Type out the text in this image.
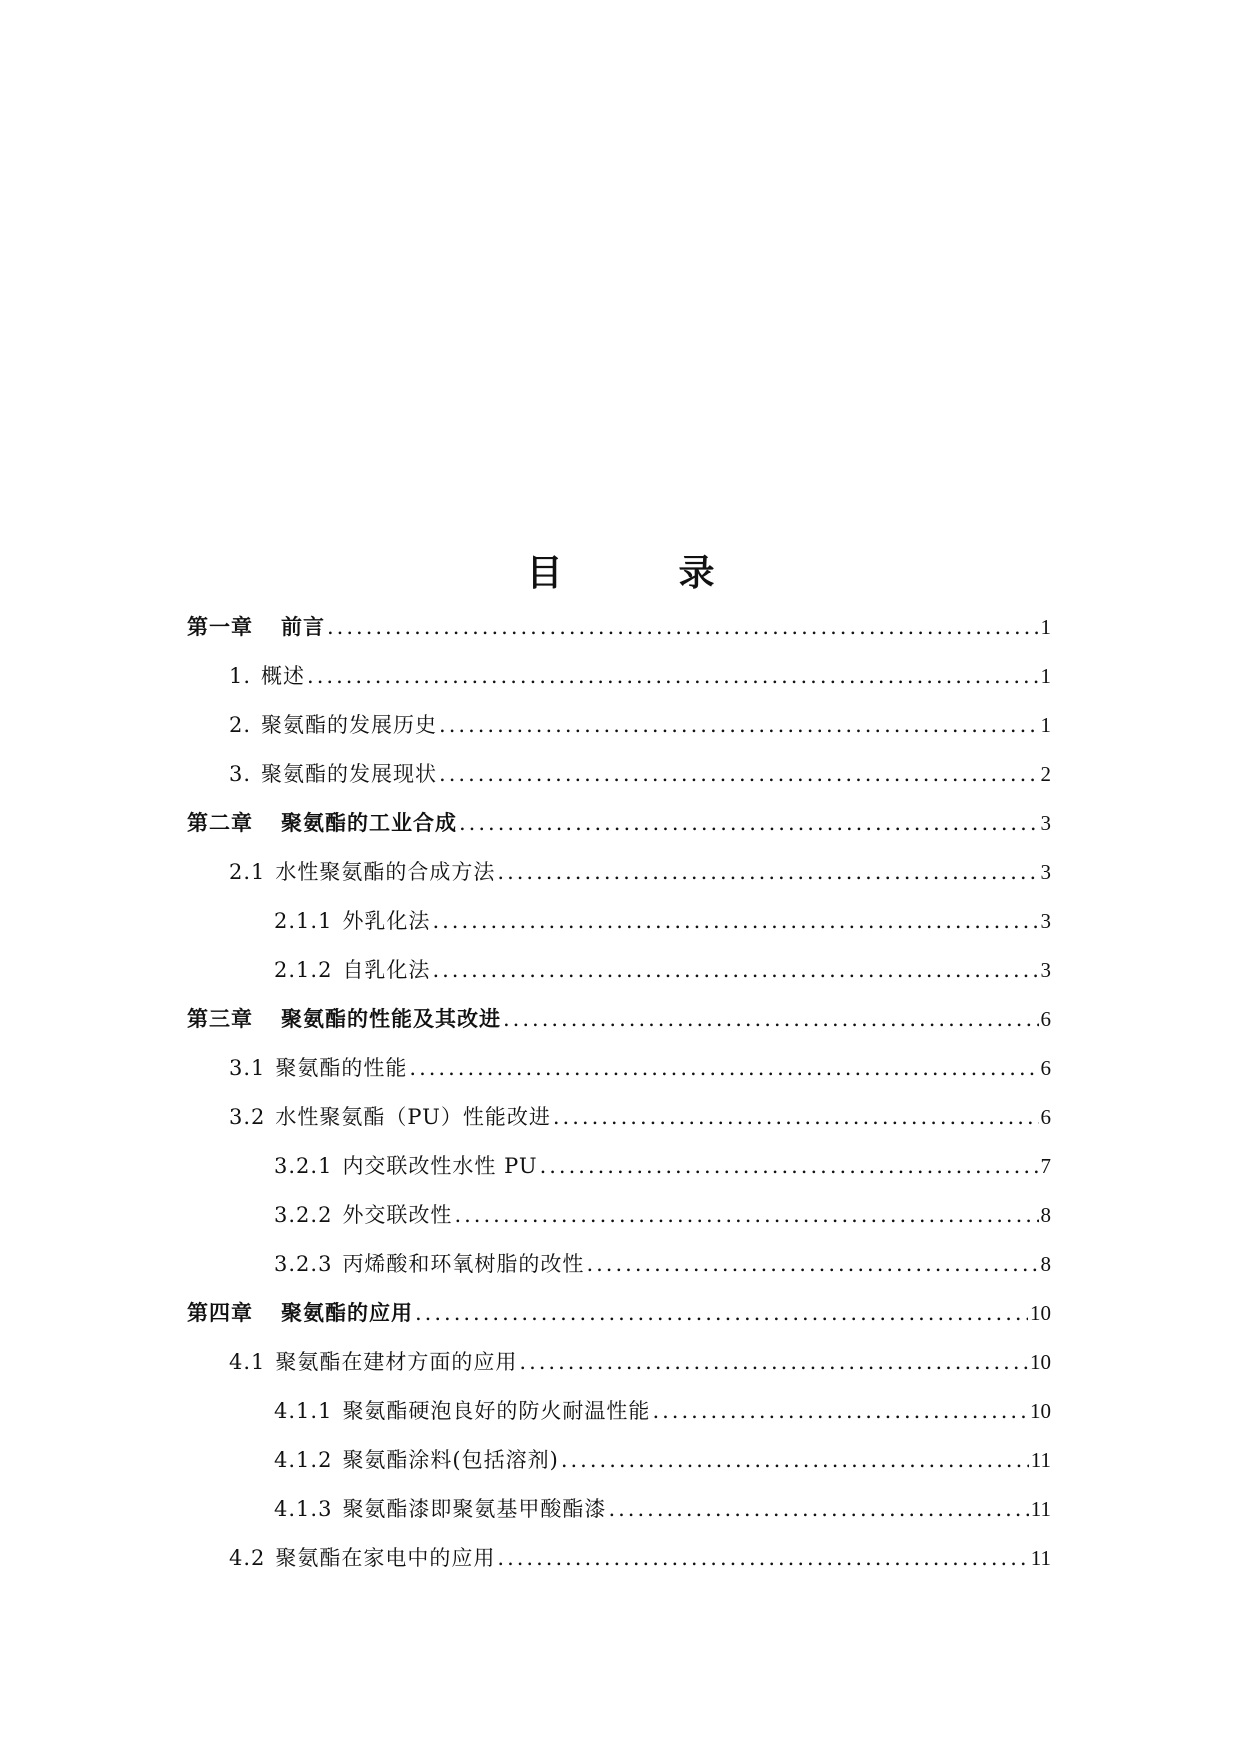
目　录
第一章 前言 .....	1
1. 概述 .....	1
2. 聚氨酯的发展历史 .....	1
3. 聚氨酯的发展现状 .....	2
第二章 聚氨酯的工业合成 .....	3
2.1 水性聚氨酯的合成方法 .....	3
2.1.1 外乳化法 .....	3
2.1.2 自乳化法 .....	3
第三章 聚氨酯的性能及其改进 .....	6
3.1 聚氨酯的性能 .....	6
3.2 水性聚氨酯（PU）性能改进 .....	6
3.2.1 内交联改性水性 PU .....	7
3.2.2 外交联改性 .....	8
3.2.3 丙烯酸和环氧树脂的改性 .....	8
第四章 聚氨酯的应用 .....	10
4.1 聚氨酯在建材方面的应用 .....	10
4.1.1 聚氨酯硬泡良好的防火耐温性能 .....	10
4.1.2 聚氨酯涂料(包括溶剂) .....	11
4.1.3 聚氨酯漆即聚氨基甲酸酯漆 .....	11
4.2 聚氨酯在家电中的应用 .....	11
